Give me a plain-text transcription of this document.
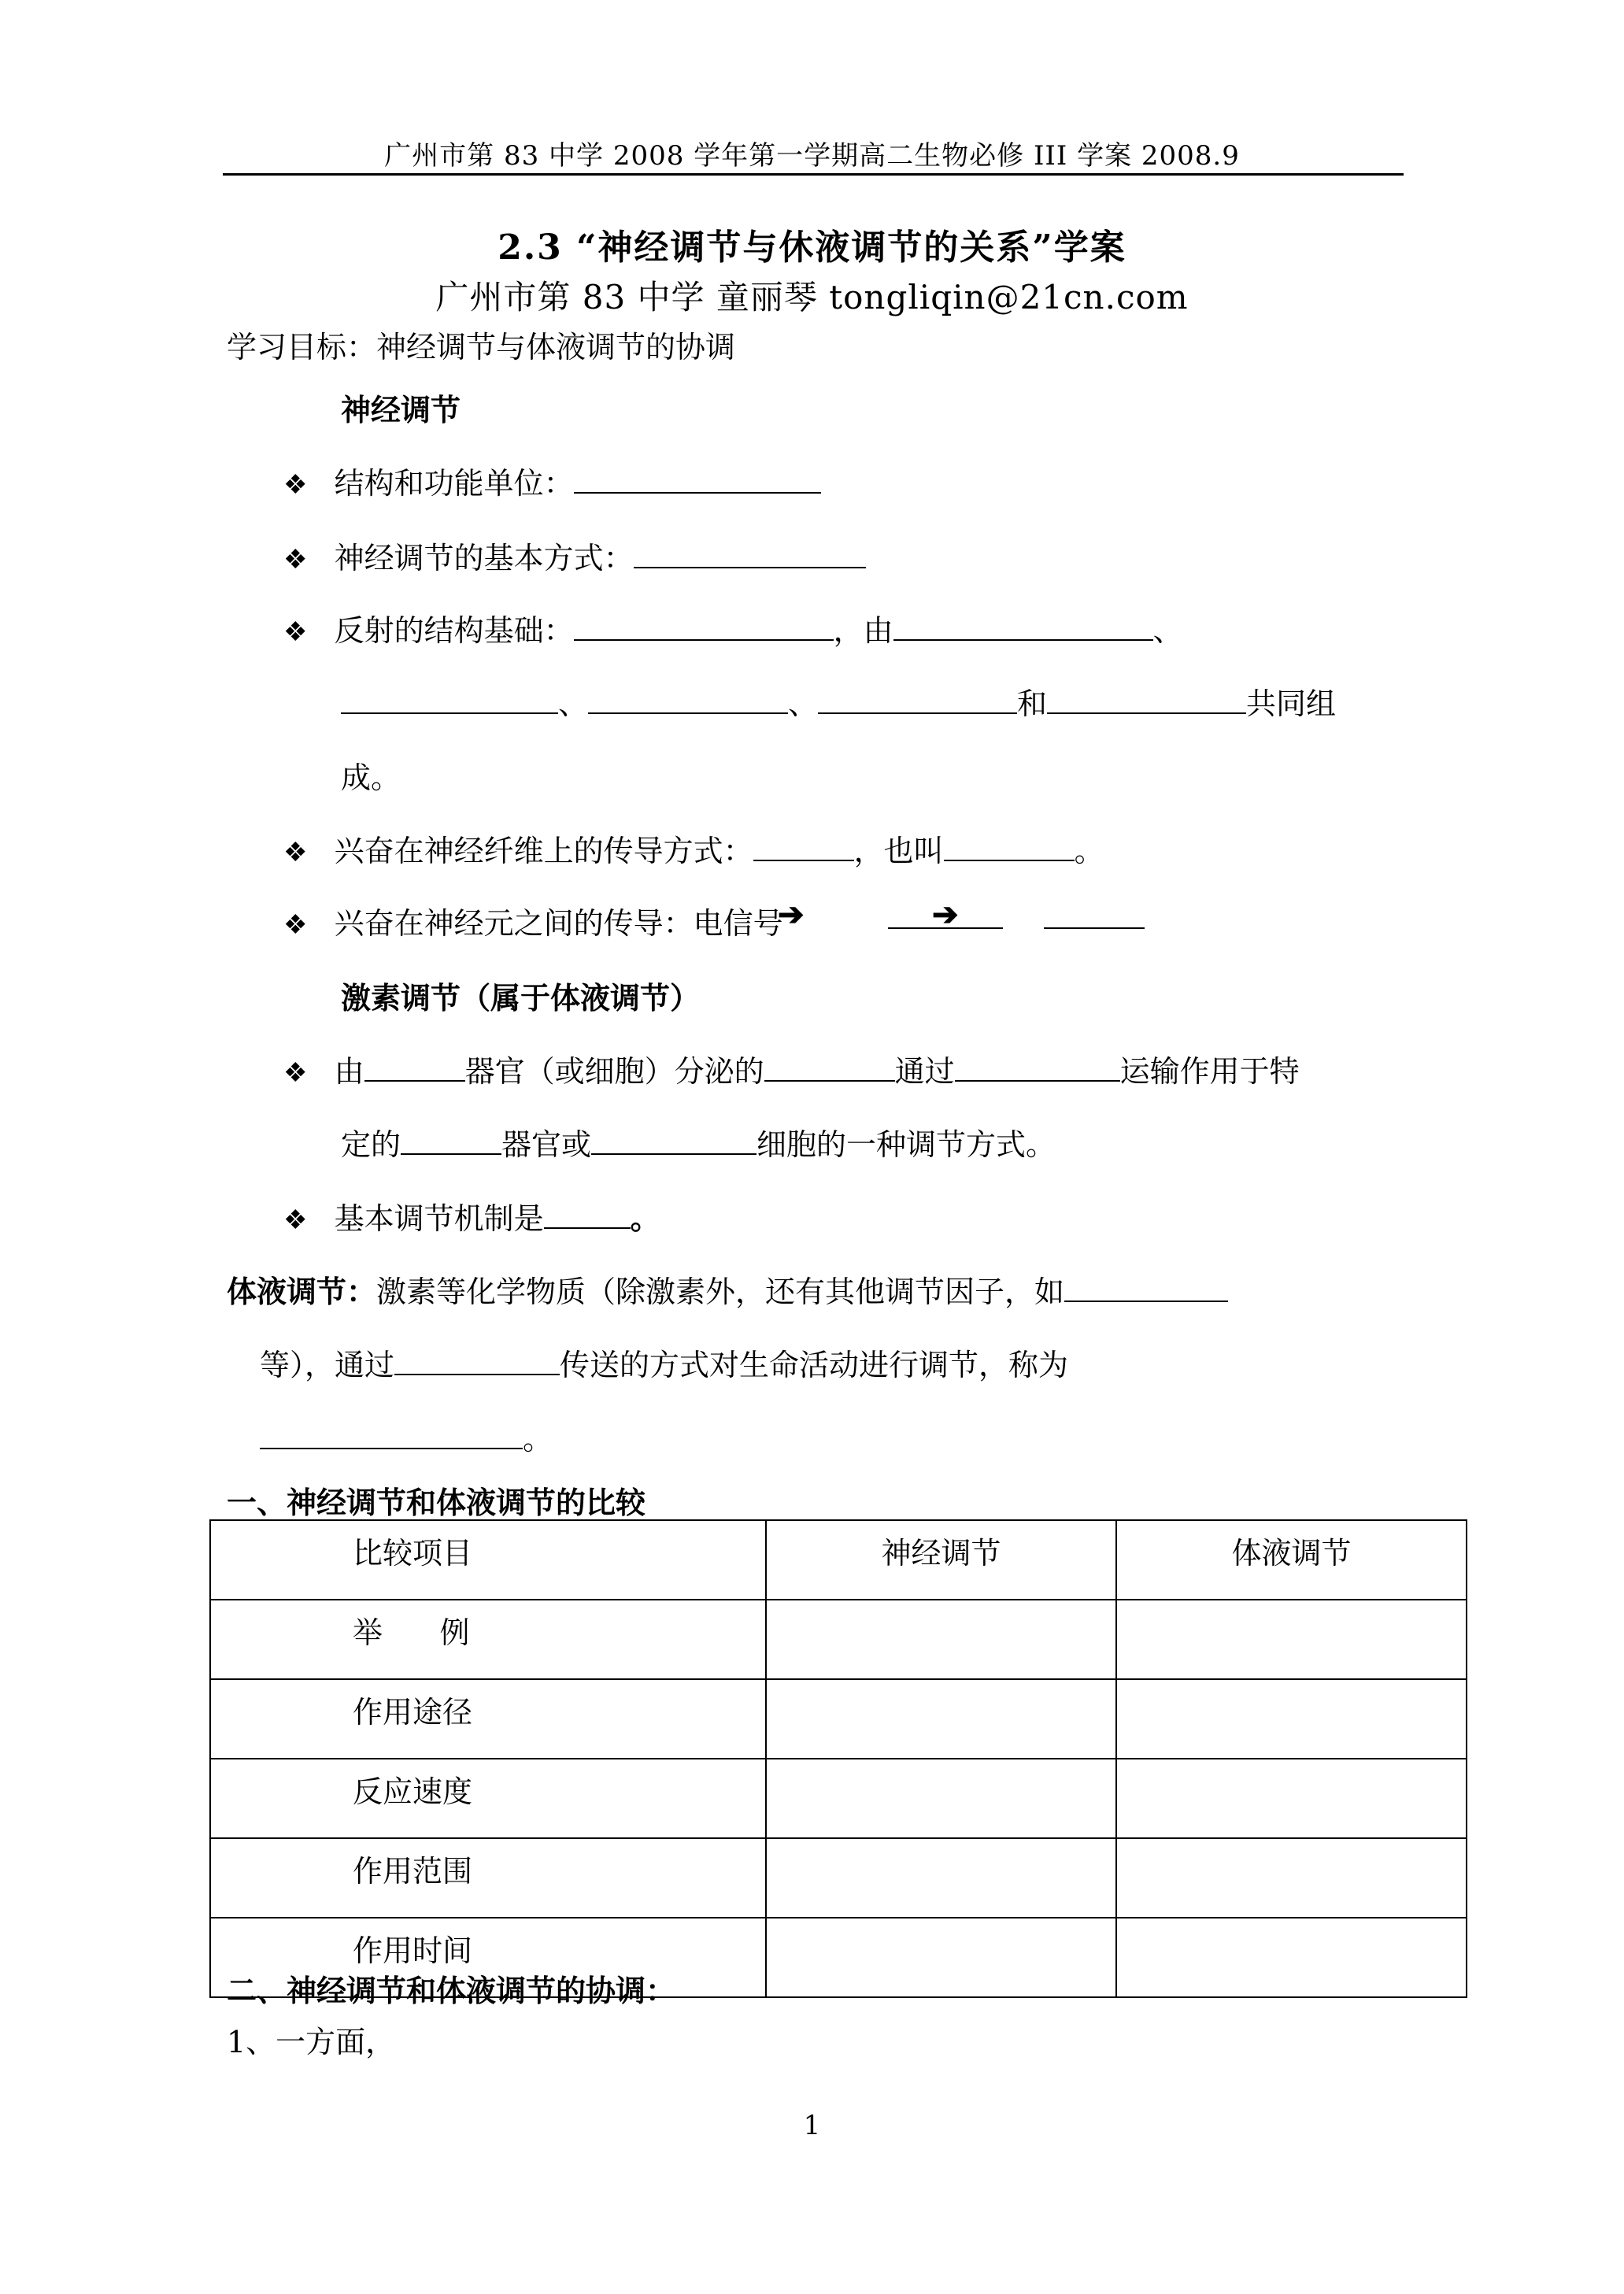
广州市第 83 中学 2008 学年第一学期高二生物必修 III 学案 2008.9
2.3 “神经调节与休液调节的关系”学案
广州市第 83 中学 童丽琴 tongliqin@21cn.com
学习目标：神经调节与体液调节的协调
神经调节
❖ 结构和功能单位：
❖ 神经调节的基本方式：
❖ 反射的结构基础：	，由	、
、	、	和	共同组
成。
❖ 兴奋在神经纤维上的传导方式：	，也叫	。
❖ 兴奋在神经元之间的传导：电信号
➔	➔
激素调节（属于体液调节）
❖ 由	器官（或细胞）分泌的	通过	运输作用于特
定的	器官或	细胞的一种调节方式。
❖ 基本调节机制是	。
体液调节：激素等化学物质（除激素外，还有其他调节因子，如
等），通过	传送的方式对生命活动进行调节，称为
。
一、神经调节和体液调节的比较
比较项目	神经调节	体液调节
举      例		
作用途径		
反应速度		
作用范围		
作用时间		
二、神经调节和体液调节的协调：
1、一方面，
1
